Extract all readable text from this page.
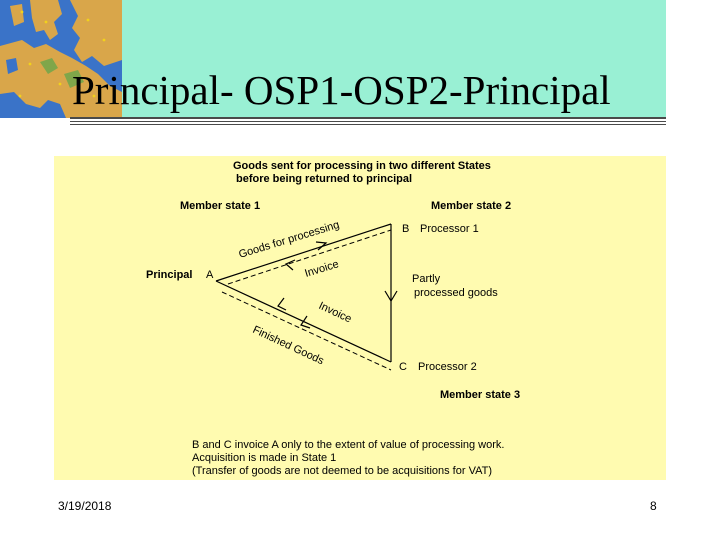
Principal- OSP1-OSP2-Principal
Goods sent for processing in two different States
before being returned to principal
Member state 1	Member state 2
B Processor 1
Principal A	Partly
processed goods
C Processor 2
Member state 3
Goods for processing
Invoice
Invoice
Finished Goods
B and C invoice A only to the extent of value of processing work.
Acquisition is made in State 1
(Transfer of goods are not deemed to be acquisitions for VAT)
3/19/2018	8
